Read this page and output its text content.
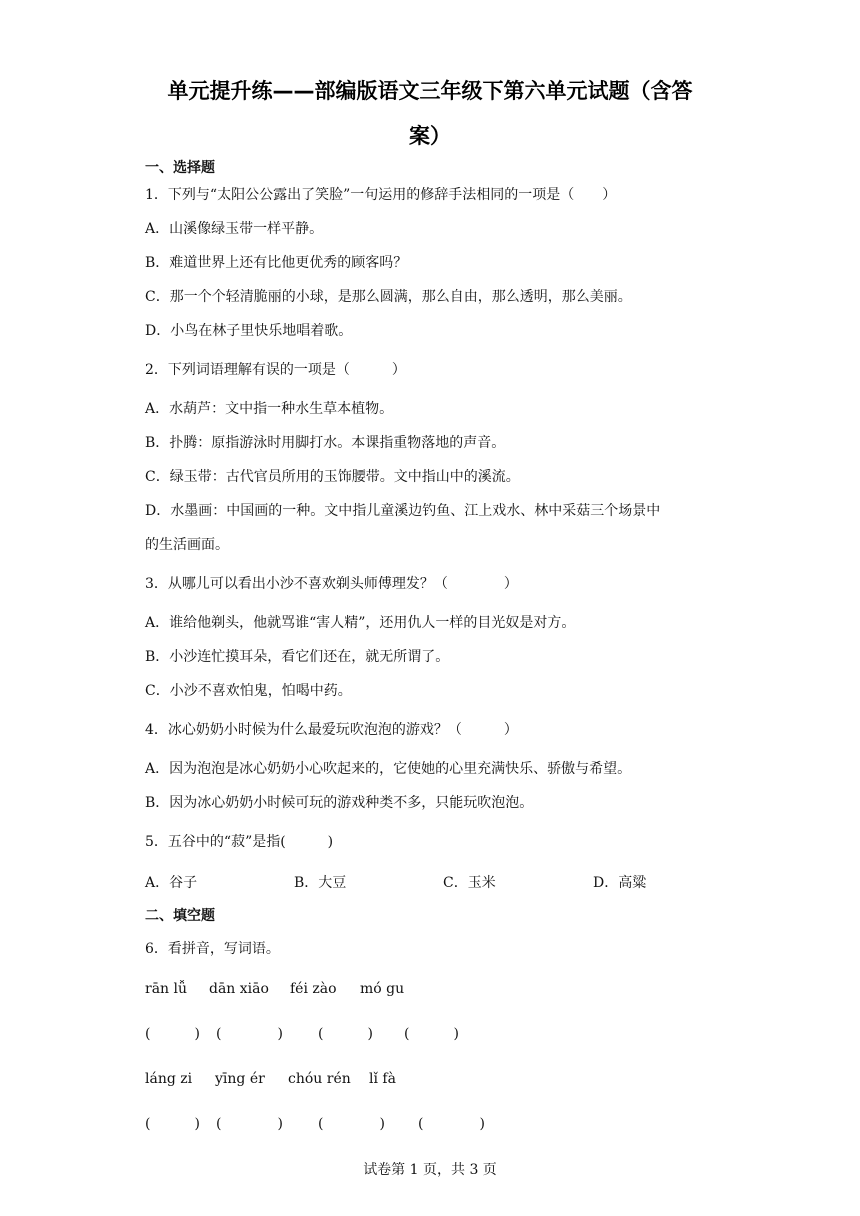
单元提升练——部编版语文三年级下第六单元试题（含答
案）
一、选择题
1．下列与“太阳公公露出了笑脸”一句运用的修辞手法相同的一项是（　　）
A．山溪像绿玉带一样平静。
B．难道世界上还有比他更优秀的顾客吗？
C．那一个个轻清脆丽的小球，是那么圆满，那么自由，那么透明，那么美丽。
D．小鸟在林子里快乐地唱着歌。
2．下列词语理解有误的一项是（　　　）
A．水葫芦：文中指一种水生草本植物。
B．扑腾：原指游泳时用脚打水。本课指重物落地的声音。
C．绿玉带：古代官员所用的玉饰腰带。文中指山中的溪流。
D．水墨画：中国画的一种。文中指儿童溪边钓鱼、江上戏水、林中采菇三个场景中
的生活画面。
3．从哪儿可以看出小沙不喜欢剃头师傅理发？（　　　　）
A．谁给他剃头，他就骂谁“害人精”，还用仇人一样的目光奴是对方。
B．小沙连忙摸耳朵，看它们还在，就无所谓了。
C．小沙不喜欢怕鬼，怕喝中药。
4．冰心奶奶小时候为什么最爱玩吹泡泡的游戏？（　　　）
A．因为泡泡是冰心奶奶小心吹起来的，它使她的心里充满快乐、骄傲与希望。
B．因为冰心奶奶小时候可玩的游戏种类不多，只能玩吹泡泡。
5．五谷中的“菽”是指(　　　)
A．谷子	B．大豆	C．玉米	D．高粱
二、填空题
6．看拼音，写词语。
rān lǚ dān xiāo féi zào mó gu
(	) (	)	(	) (	)
láng zi yīng ér chóu rén lǐ fà
(	) (	)	(	) (	)
试卷第 1 页，共 3 页
